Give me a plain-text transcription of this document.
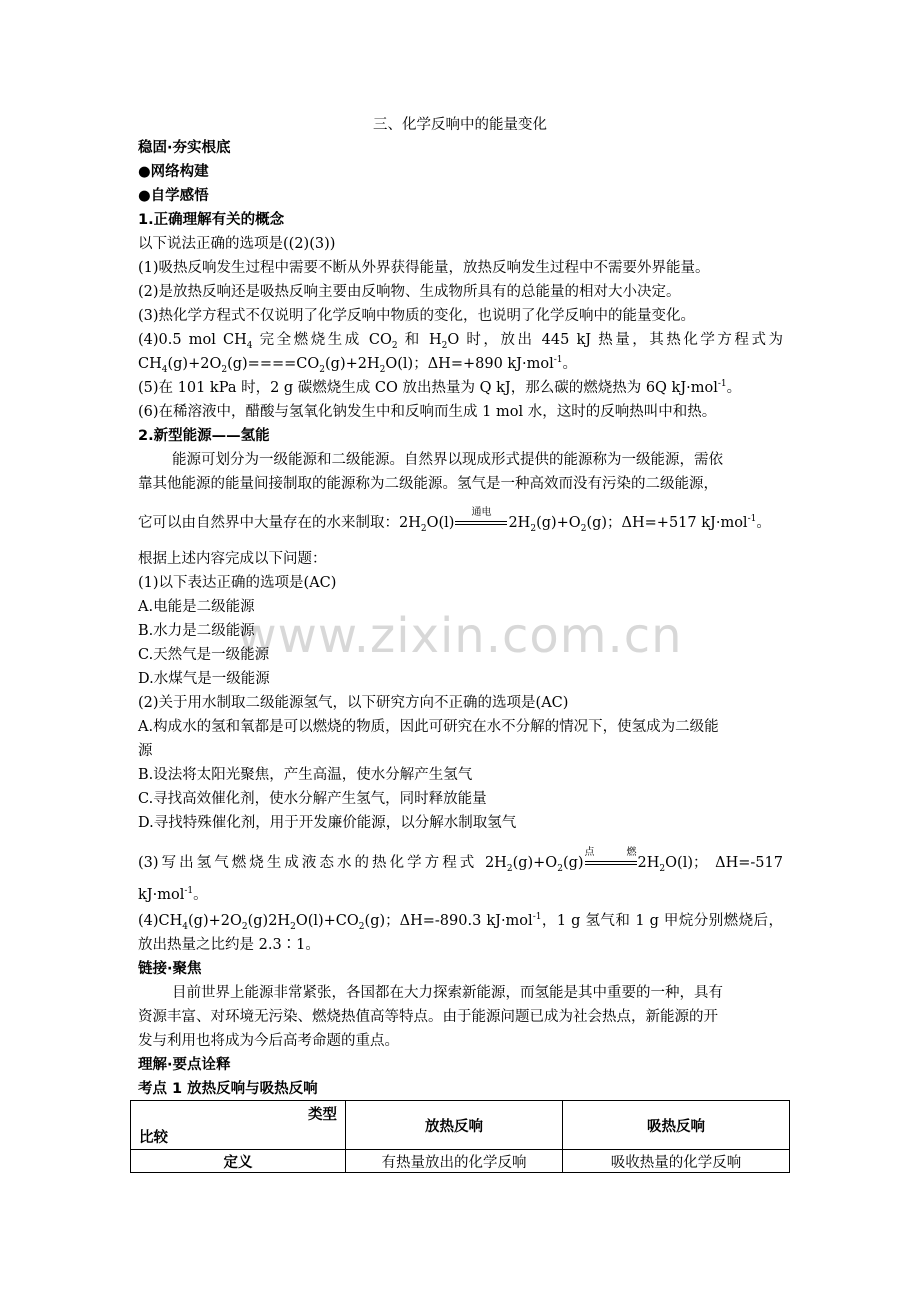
www.zixin.com.cn
三、化学反响中的能量变化
稳固·夯实根底
●网络构建
●自学感悟
1.正确理解有关的概念
以下说法正确的选项是((2)(3))
(1)吸热反响发生过程中需要不断从外界获得能量，放热反响发生过程中不需要外界能量。
(2)是放热反响还是吸热反响主要由反响物、生成物所具有的总能量的相对大小决定。
(3)热化学方程式不仅说明了化学反响中物质的变化，也说明了化学反响中的能量变化。
(4)0.5 mol $CH_4$ 完全燃烧生成 $CO_2$ 和 $H_2O$ 时，放出 445 kJ 热量，其热化学方程式为
$CH_4(g)+2O_2(g)====CO_2(g)+2H_2O(l)$；ΔH=+890 kJ·mol$^{-1}$。
(5)在 101 kPa 时，2 g 碳燃烧生成 CO 放出热量为 Q kJ，那么碳的燃烧热为 6Q kJ·mol$^{-1}$。
(6)在稀溶液中，醋酸与氢氧化钠发生中和反响而生成 1 mol 水，这时的反响热叫中和热。
2.新型能源——氢能
能源可划分为一级能源和二级能源。自然界以现成形式提供的能源称为一级能源，需依
靠其他能源的能量间接制取的能源称为二级能源。氢气是一种高效而没有污染的二级能源，
它可以由自然界中大量存在的水来制取：$2H_2O(l)$
通电
$2H_2(g)+O_2(g)$；ΔH=+517 kJ·mol$^{-1}$。
根据上述内容完成以下问题：
(1)以下表达正确的选项是(AC)
A.电能是二级能源
B.水力是二级能源
C.天然气是一级能源
D.水煤气是一级能源
(2)关于用水制取二级能源氢气，以下研究方向不正确的选项是(AC)
A.构成水的氢和氧都是可以燃烧的物质，因此可研究在水不分解的情况下，使氢成为二级能
源
B.设法将太阳光聚焦，产生高温，使水分解产生氢气
C.寻找高效催化剂，使水分解产生氢气，同时释放能量
D.寻找特殊催化剂，用于开发廉价能源，以分解水制取氢气
(3)写出氢气燃烧生成液态水的热化学方程式 $2H_2(g)+O_2(g)$
点燃
$2H_2O(l)$； ΔH=-517
kJ·mol$^{-1}$。
$(4)CH_4(g)+2O_2(g)2H_2O(l)+CO_2(g)$；ΔH=-890.3 kJ·mol$^{-1}$，1 g 氢气和 1 g 甲烷分别燃烧后，
放出热量之比约是 2.3∶1。
链接·聚焦
目前世界上能源非常紧张，各国都在大力探索新能源，而氢能是其中重要的一种，具有
资源丰富、对环境无污染、燃烧热值高等特点。由于能源问题已成为社会热点，新能源的开
发与利用也将成为今后高考命题的重点。
理解·要点诠释
考点 1 放热反响与吸热反响
类型
比较	放热反响	吸热反响
定义	有热量放出的化学反响	吸收热量的化学反响
